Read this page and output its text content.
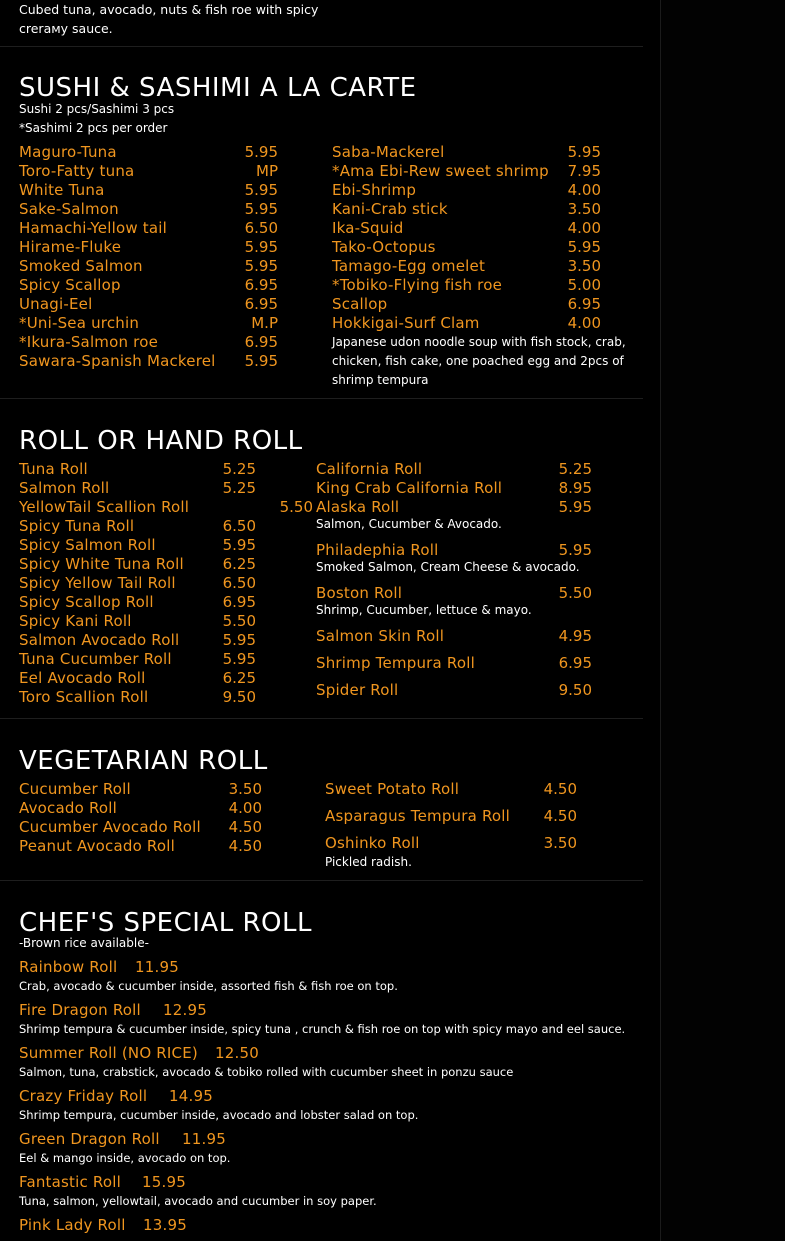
Cubed tuna, avocado, nuts & fish roe with spicy
crerамy sauce.
SUSHI & SASHIMI A LA CARTE
Sushi 2 pcs/Sashimi 3 pcs
*Sashimi 2 pcs per order
Maguro-Tuna	5.95
Toro-Fatty tuna	MP
White Tuna	5.95
Sake-Salmon	5.95
Hamachi-Yellow tail	6.50
Hirame-Fluke	5.95
Smoked Salmon	5.95
Spicy Scallop	6.95
Unagi-Eel	6.95
*Uni-Sea urchin	M.P
*Ikura-Salmon roe	6.95
Sawara-Spanish Mackerel	5.95
Saba-Mackerel	5.95
*Ama Ebi-Rew sweet shrimp	7.95
Ebi-Shrimp	4.00
Kani-Crab stick	3.50
Ika-Squid	4.00
Tako-Octopus	5.95
Tamago-Egg omelet	3.50
*Tobiko-Flying fish roe	5.00
Scallop	6.95
Hokkigai-Surf Clam	4.00
Japanese udon noodle soup with fish stock, crab,
chicken, fish cake, one poached egg and 2pcs of
shrimp tempura
ROLL OR HAND ROLL
Tuna Roll	5.25
Salmon Roll	5.25
YellowTail Scallion Roll	5.50
Spicy Tuna Roll	6.50
Spicy Salmon Roll	5.95
Spicy White Tuna Roll	6.25
Spicy Yellow Tail Roll	6.50
Spicy Scallop Roll	6.95
Spicy Kani Roll	5.50
Salmon Avocado Roll	5.95
Tuna Cucumber Roll	5.95
Eel Avocado Roll	6.25
Toro Scallion Roll	9.50
California Roll	5.25
King Crab California Roll	8.95
Alaska Roll	5.95
Salmon, Cucumber & Avocado.
Philadephia Roll	5.95
Smoked Salmon, Cream Cheese & avocado.
Boston Roll	5.50
Shrimp, Cucumber, lettuce & mayo.
Salmon Skin Roll	4.95
Shrimp Tempura Roll	6.95
Spider Roll	9.50
VEGETARIAN ROLL
Cucumber Roll	3.50
Avocado Roll	4.00
Cucumber Avocado Roll	4.50
Peanut Avocado Roll	4.50
Sweet Potato Roll	4.50
Asparagus Tempura Roll	4.50
Oshinko Roll	3.50
Pickled radish.
CHEF'S SPECIAL ROLL
-Brown rice available-
Rainbow Roll 11.95
Crab, avocado & cucumber inside, assorted fish & fish roe on top.
Fire Dragon Roll 12.95
Shrimp tempura & cucumber inside, spicy tuna , crunch & fish roe on top with spicy mayo and eel sauce.
Summer Roll (NO RICE) 12.50
Salmon, tuna, crabstick, avocado & tobiko rolled with cucumber sheet in ponzu sauce
Crazy Friday Roll 14.95
Shrimp tempura, cucumber inside, avocado and lobster salad on top.
Green Dragon Roll 11.95
Eel & mango inside, avocado on top.
Fantastic Roll 15.95
Tuna, salmon, yellowtail, avocado and cucumber in soy paper.
Pink Lady Roll 13.95
